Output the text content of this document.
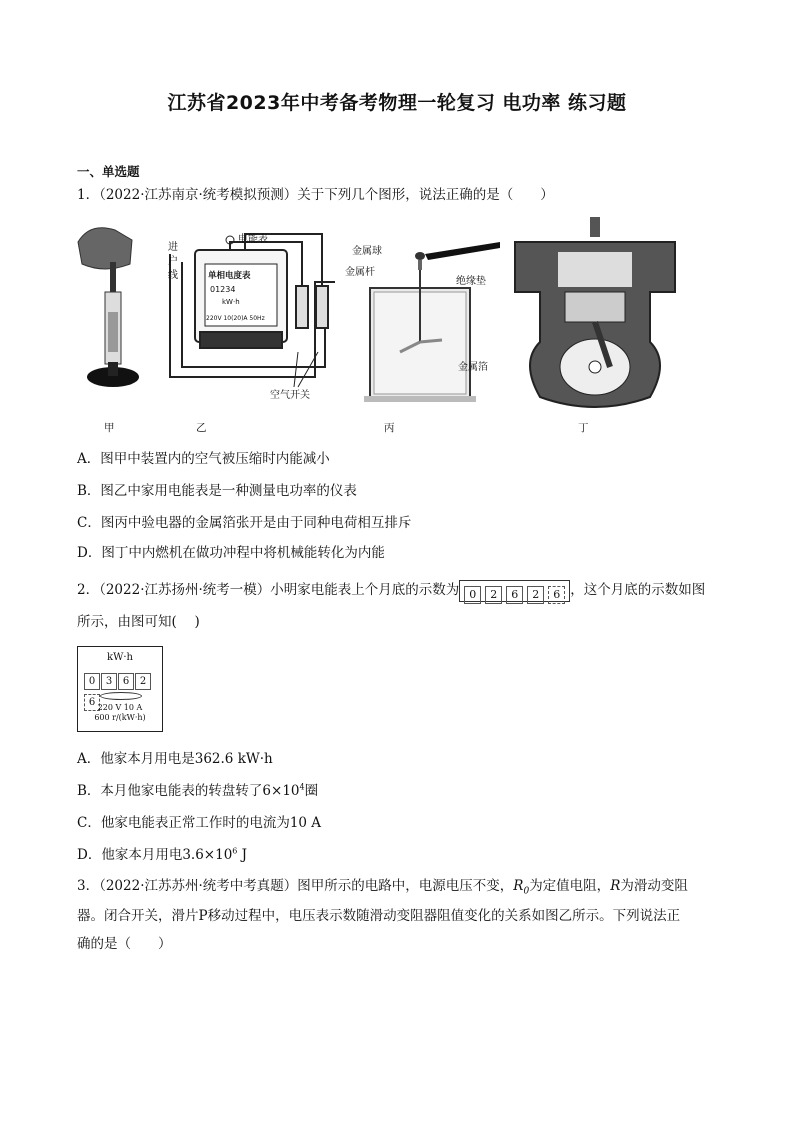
江苏省2023年中考备考物理一轮复习 电功率 练习题
一、单选题
1．（2022·江苏南京·统考模拟预测）关于下列几个图形，说法正确的是（　　）
进
户
线
电能表
单相电度表
01234
kW·h
220V 10(20)A 50Hz
空气开关
金属球
金属杆
绝缘垫
金属箔
甲	乙	丙	丁
A．图甲中装置内的空气被压缩时内能减小
B．图乙中家用电能表是一种测量电功率的仪表
C．图丙中验电器的金属箔张开是由于同种电荷相互排斥
D．图丁中内燃机在做功冲程中将机械能转化为内能
2．（2022·江苏扬州·统考一模）小明家电能表上个月底的示数为 0 2 6 2 6 ，这个月底的示数如图
所示，由图可知(　 )
kW·h
0 3 6 26 220 V 10 A
600 r/(kW·h)
A．他家本月用电是362.6 kW·h
B．本月他家电能表的转盘转了$6\times 10^4$圈
C．他家电能表正常工作时的电流为10 A
D．他家本月用电$3.6\times 10^6$ J
3．（2022·江苏苏州·统考中考真题）图甲所示的电路中，电源电压不变，$R_0$为定值电阻，R为滑动变阻
器。闭合开关，滑片P移动过程中，电压表示数随滑动变阻器阻值变化的关系如图乙所示。下列说法正
确的是（　　）
